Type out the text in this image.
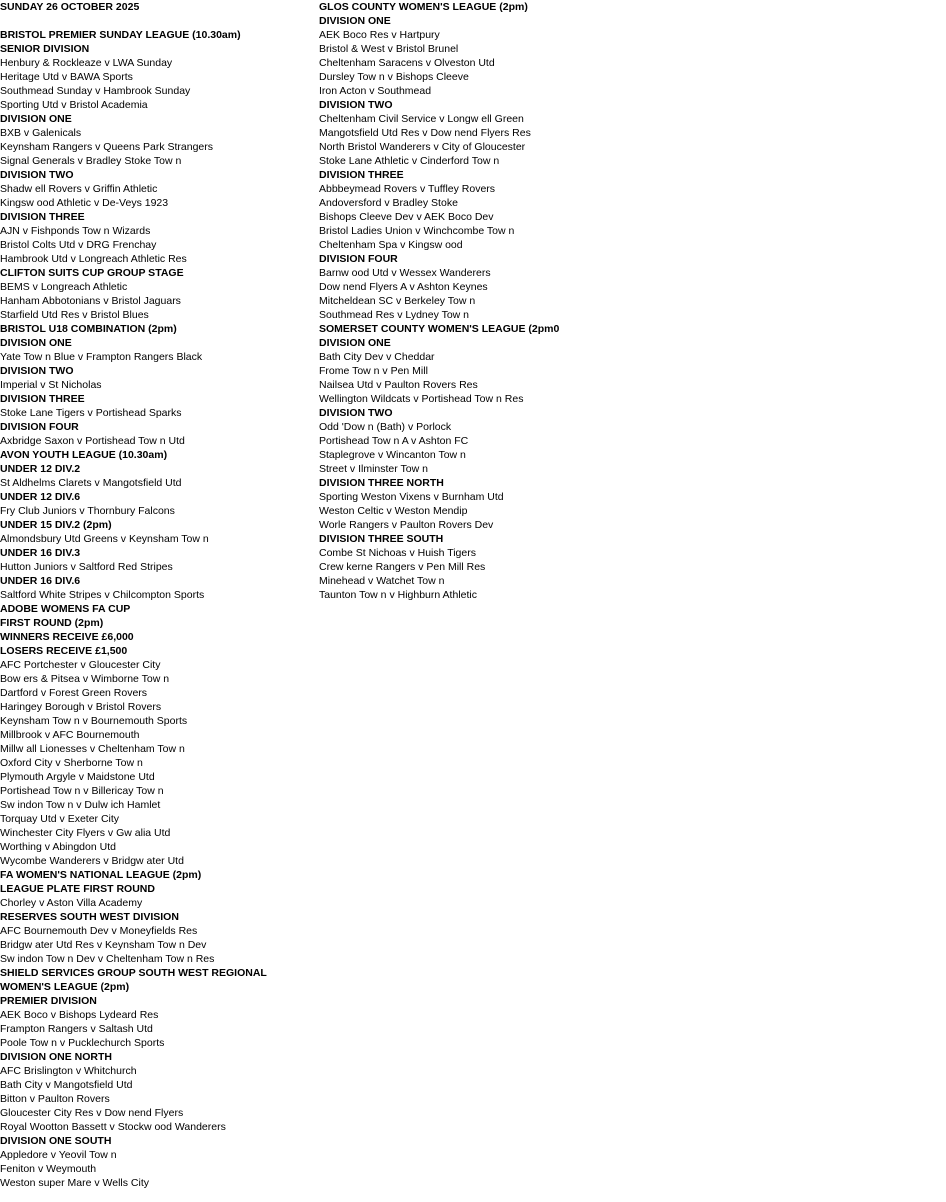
SUNDAY 26 OCTOBER 2025
BRISTOL PREMIER SUNDAY LEAGUE (10.30am)
SENIOR DIVISION
Henbury & Rockleaze v LWA Sunday
Heritage Utd v BAWA Sports
Southmead Sunday v Hambrook Sunday
Sporting Utd v Bristol Academia
DIVISION ONE
BXB v Galenicals
Keynsham Rangers v Queens Park Strangers
Signal Generals v Bradley Stoke Tow n
DIVISION TWO
Shadw ell Rovers v Griffin Athletic
Kingsw ood Athletic v De-Veys 1923
DIVISION THREE
AJN v Fishponds Tow n Wizards
Bristol Colts Utd v DRG Frenchay
Hambrook Utd v Longreach Athletic Res
CLIFTON SUITS CUP GROUP STAGE
BEMS v Longreach Athletic
Hanham Abbotonians v Bristol Jaguars
Starfield Utd Res v Bristol Blues
BRISTOL U18 COMBINATION (2pm)
DIVISION ONE
Yate Tow n Blue v Frampton Rangers Black
DIVISION TWO
Imperial v St Nicholas
DIVISION THREE
Stoke Lane Tigers v Portishead Sparks
DIVISION FOUR
Axbridge Saxon v Portishead Tow n Utd
AVON YOUTH LEAGUE (10.30am)
UNDER 12 DIV.2
St Aldhelms Clarets v Mangotsfield Utd
UNDER 12 DIV.6
Fry Club Juniors v Thornbury Falcons
UNDER 15 DIV.2 (2pm)
Almondsbury Utd Greens v Keynsham Tow n
UNDER 16 DIV.3
Hutton Juniors v Saltford Red Stripes
UNDER 16 DIV.6
Saltford White Stripes v Chilcompton Sports
ADOBE WOMENS FA CUP
FIRST ROUND (2pm)
WINNERS RECEIVE £6,000
LOSERS RECEIVE £1,500
AFC Portchester v Gloucester City
Bow ers & Pitsea v Wimborne Tow n
Dartford v Forest Green Rovers
Haringey Borough v Bristol Rovers
Keynsham Tow n v Bournemouth Sports
Millbrook v AFC Bournemouth
Millw all Lionesses v Cheltenham Tow n
Oxford City v Sherborne Tow n
Plymouth Argyle v Maidstone Utd
Portishead Tow n v Billericay Tow n
Sw indon Tow n v Dulw ich Hamlet
Torquay Utd v Exeter City
Winchester City Flyers v Gw alia Utd
Worthing v Abingdon Utd
Wycombe Wanderers v Bridgw ater Utd
FA WOMEN'S NATIONAL LEAGUE (2pm)
LEAGUE PLATE FIRST ROUND
Chorley v Aston Villa Academy
RESERVES SOUTH WEST DIVISION
AFC Bournemouth Dev v Moneyfields Res
Bridgw ater Utd Res v Keynsham Tow n Dev
Sw indon Tow n Dev v Cheltenham Tow n Res
SHIELD SERVICES GROUP SOUTH WEST REGIONAL
WOMEN'S LEAGUE (2pm)
PREMIER DIVISION
AEK Boco v Bishops Lydeard Res
Frampton Rangers v Saltash Utd
Poole Tow n v Pucklechurch Sports
DIVISION ONE NORTH
AFC Brislington v Whitchurch
Bath City v Mangotsfield Utd
Bitton v Paulton Rovers
Gloucester City Res v Dow nend Flyers
Royal Wootton Bassett v Stockw ood Wanderers
DIVISION ONE SOUTH
Appledore v Yeovil Tow n
Feniton v Weymouth
Weston super Mare v Wells City
GLOS COUNTY WOMEN'S LEAGUE (2pm)
DIVISION ONE
AEK Boco Res v Hartpury
Bristol & West v Bristol Brunel
Cheltenham Saracens v Olveston Utd
Dursley Tow n v Bishops Cleeve
Iron Acton v Southmead
DIVISION TWO
Cheltenham Civil Service v Longw ell Green
Mangotsfield Utd Res v Dow nend Flyers Res
North Bristol Wanderers v City of Gloucester
Stoke Lane Athletic v Cinderford Tow n
DIVISION THREE
Abbbeymead Rovers v Tuffley Rovers
Andoversford v Bradley Stoke
Bishops Cleeve Dev v AEK Boco Dev
Bristol Ladies Union v Winchcombe Tow n
Cheltenham Spa v Kingsw ood
DIVISION FOUR
Barnw ood Utd v Wessex Wanderers
Dow nend Flyers A v Ashton Keynes
Mitcheldean SC v Berkeley Tow n
Southmead Res v Lydney Tow n
SOMERSET COUNTY WOMEN'S LEAGUE (2pm0
DIVISION ONE
Bath City Dev v Cheddar
Frome Tow n v Pen Mill
Nailsea Utd v Paulton Rovers Res
Wellington Wildcats v Portishead Tow n Res
DIVISION TWO
Odd 'Dow n (Bath) v Porlock
Portishead Tow n A v Ashton FC
Staplegrove v Wincanton Tow n
Street v Ilminster Tow n
DIVISION THREE NORTH
Sporting Weston Vixens v Burnham Utd
Weston Celtic v Weston Mendip
Worle Rangers v Paulton Rovers Dev
DIVISION THREE SOUTH
Combe St Nichoas v Huish Tigers
Crew kerne Rangers v Pen Mill Res
Minehead v Watchet Tow n
Taunton Tow n v Highburn Athletic
